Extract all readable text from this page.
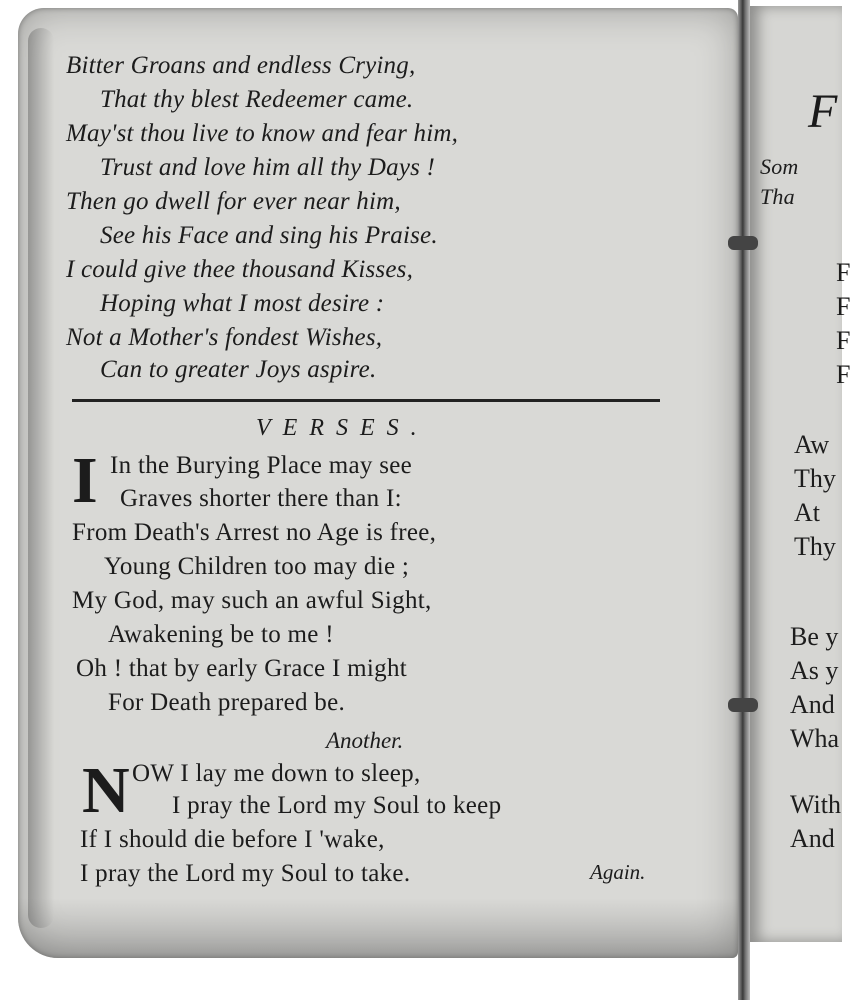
F
Som
Tha
F
F
F
F
Aw
Thy
At
Thy
Be y
As y
And
Wha
With
And
Bitter Groans and endless Crying,
That thy blest Redeemer came.
May'st thou live to know and fear him,
Trust and love him all thy Days !
Then go dwell for ever near him,
See his Face and sing his Praise.
I could give thee thousand Kisses,
Hoping what I most desire :
Not a Mother's fondest Wishes,
Can to greater Joys aspire.
VERSES.
I In the Burying Place may see
Graves shorter there than I:
From Death's Arrest no Age is free,
Young Children too may die ;
My God, may such an awful Sight,
Awakening be to me !
Oh ! that by early Grace I might
For Death prepared be.
Another.
N OW I lay me down to sleep,
I pray the Lord my Soul to keep
If I should die before I 'wake,
I pray the Lord my Soul to take.	Again.
